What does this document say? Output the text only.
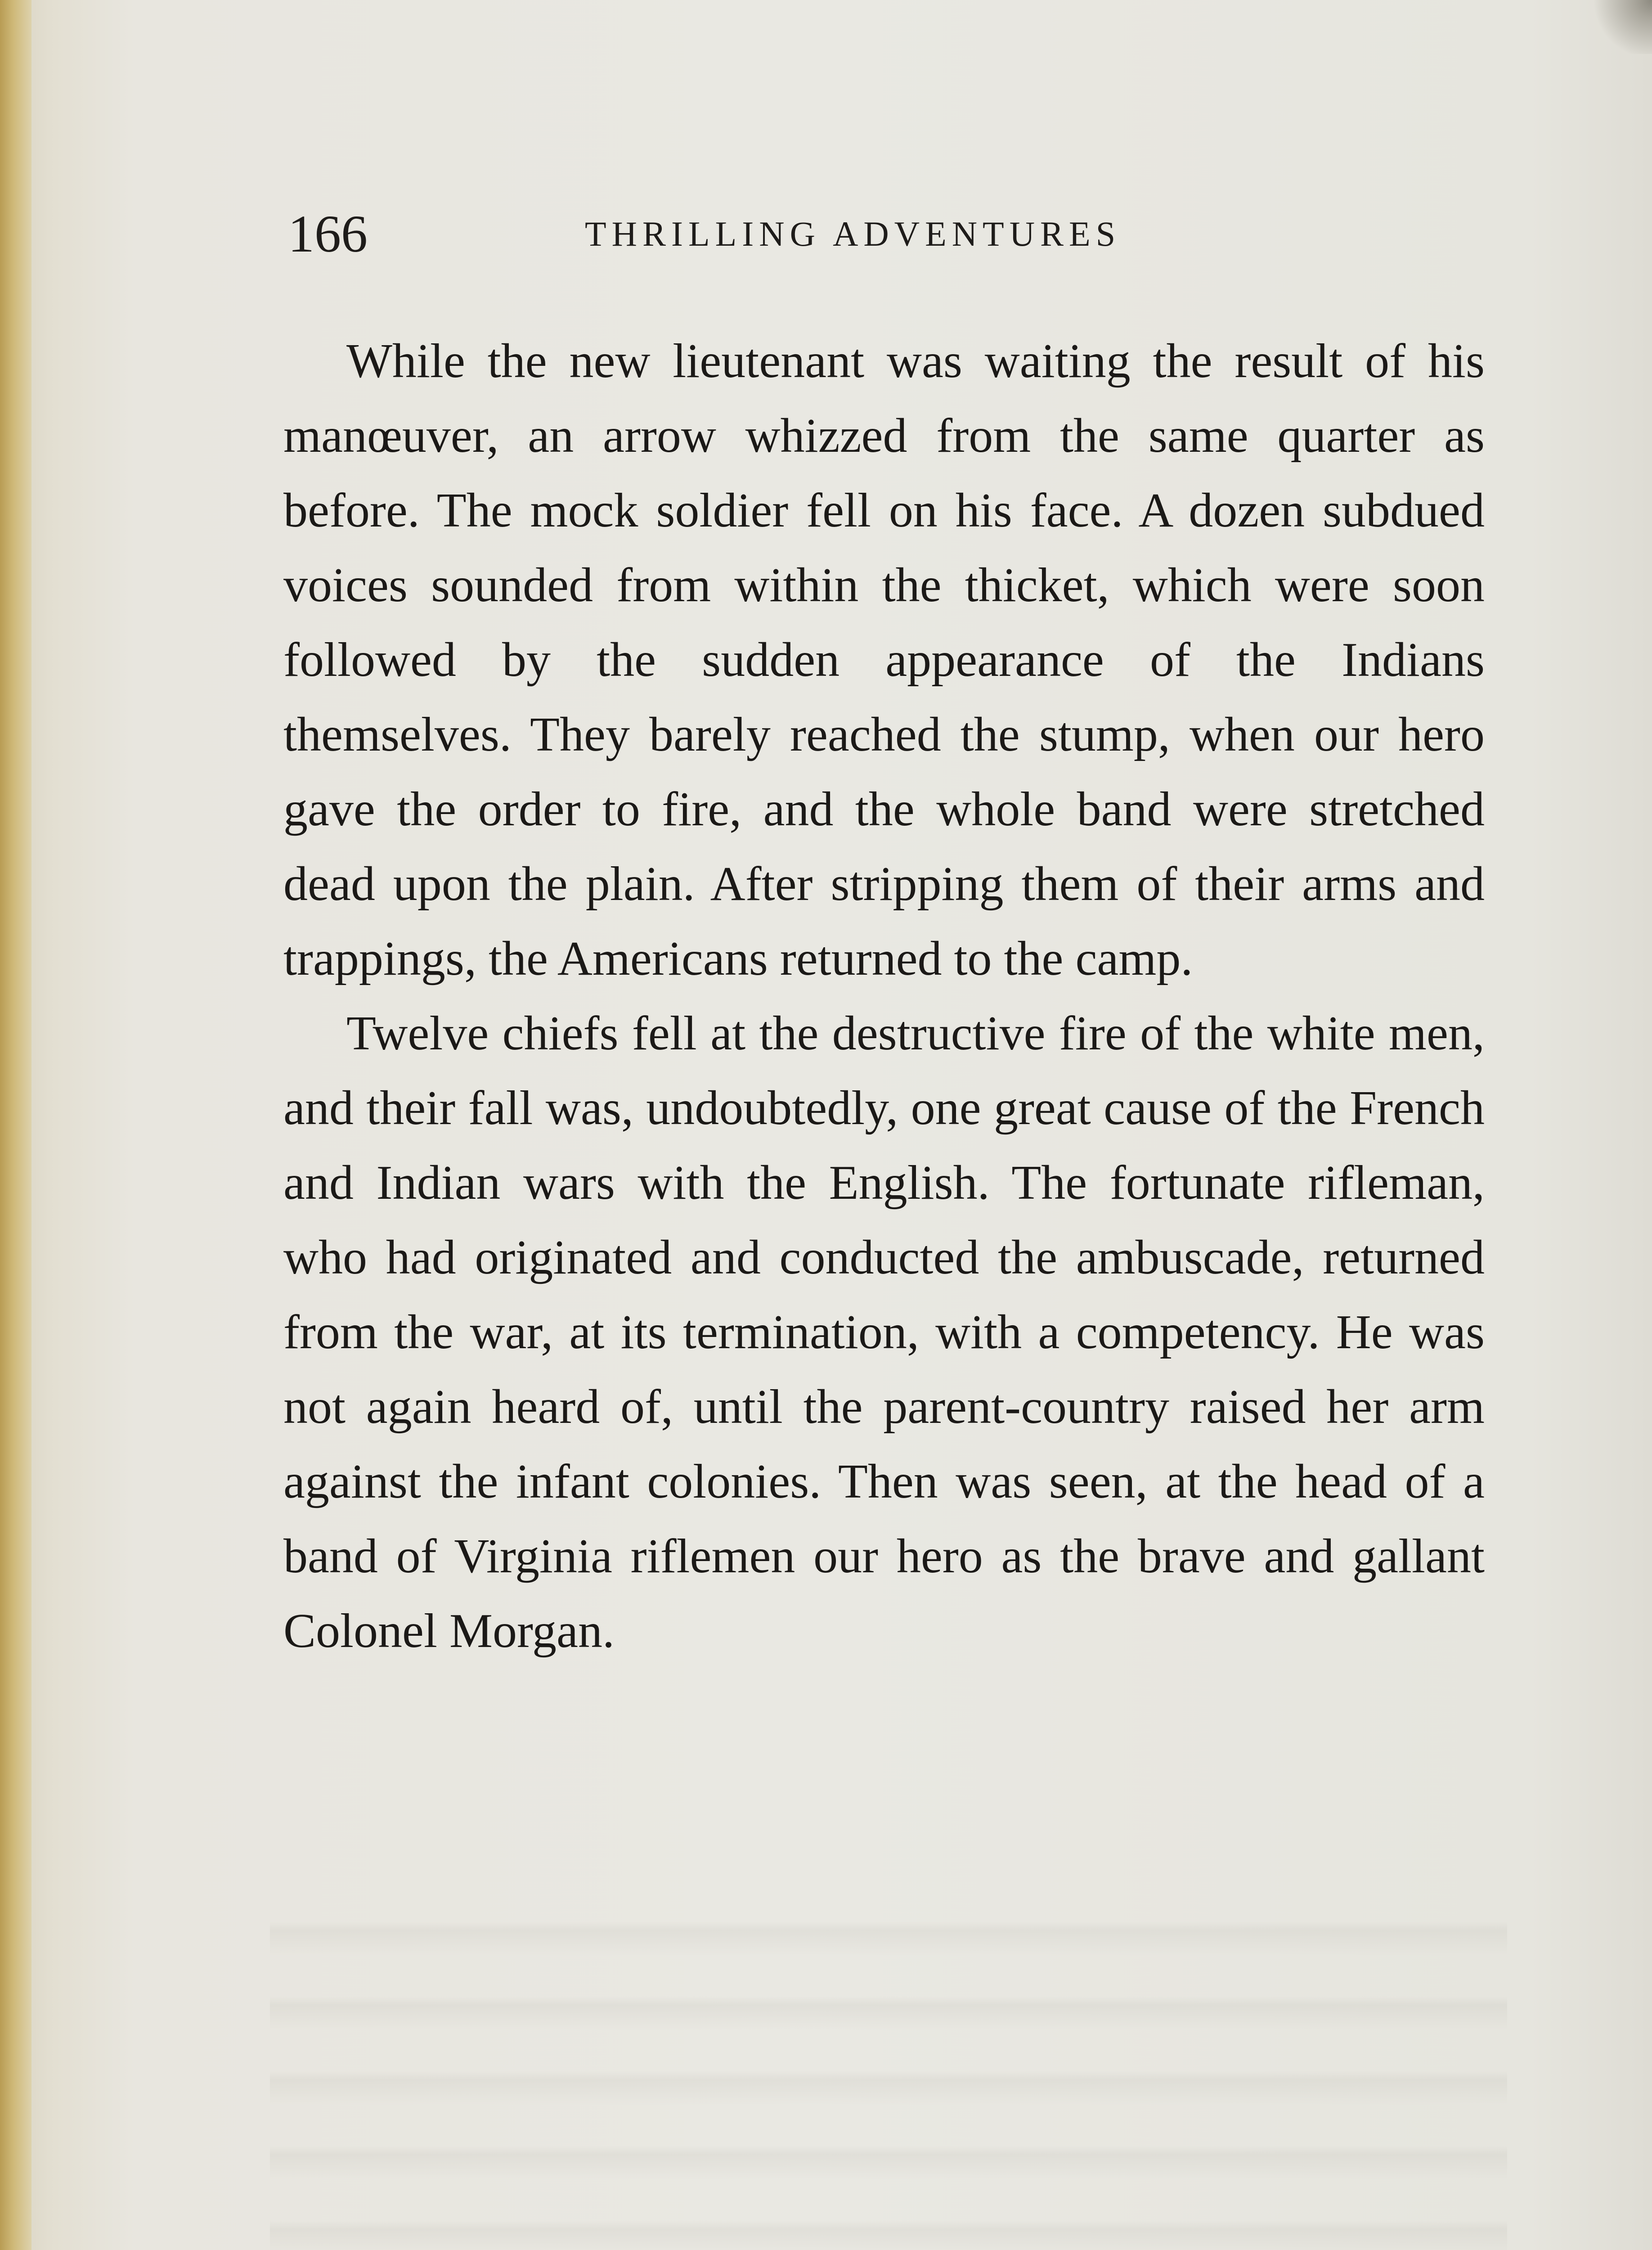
166	THRILLING ADVENTURES

While the new lieutenant was waiting the result of his manœuver, an arrow whizzed from the same quarter as before. The mock soldier fell on his face. A dozen subdued voices sounded from within the thicket, which were soon followed by the sudden appearance of the Indians themselves. They barely reached the stump, when our hero gave the order to fire, and the whole band were stretched dead upon the plain. After stripping them of their arms and trappings, the Americans returned to the camp.

Twelve chiefs fell at the destructive fire of the white men, and their fall was, undoubtedly, one great cause of the French and Indian wars with the English. The fortunate rifleman, who had originated and conducted the ambuscade, returned from the war, at its termination, with a competency. He was not again heard of, until the parent-country raised her arm against the infant colonies. Then was seen, at the head of a band of Virginia riflemen our hero as the brave and gallant Colonel Morgan.
